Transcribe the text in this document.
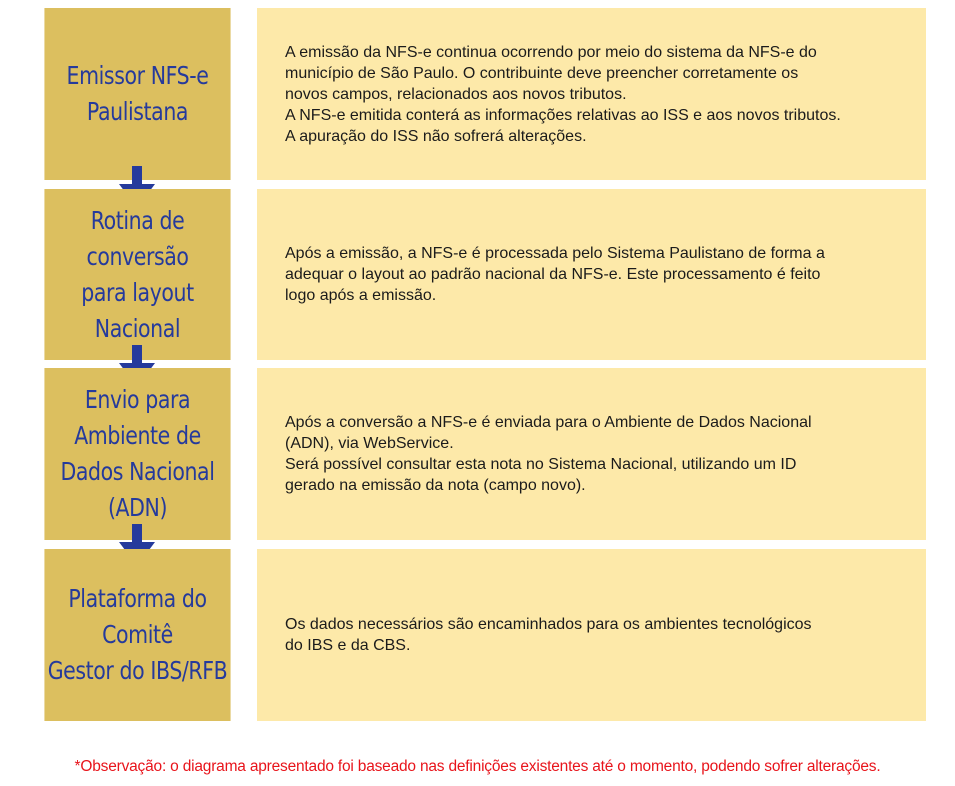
Emissor NFS-e
Paulistana
A emissão da NFS-e continua ocorrendo por meio do sistema da NFS-e do
município de São Paulo. O contribuinte deve preencher corretamente os
novos campos, relacionados aos novos tributos.
A NFS-e emitida conterá as informações relativas ao ISS e aos novos tributos.
A apuração do ISS não sofrerá alterações.
Rotina de conversão
para layout Nacional
Após a emissão, a NFS-e é processada pelo Sistema Paulistano de forma a
adequar o layout ao padrão nacional da NFS-e. Este processamento é feito
logo após a emissão.
Envio para Ambiente de
Dados Nacional (ADN)
Após a conversão a NFS-e é enviada para o Ambiente de Dados Nacional
(ADN), via WebService.
Será possível consultar esta nota no Sistema Nacional, utilizando um ID
gerado na emissão da nota (campo novo).
Plataforma do Comitê
Gestor do IBS/RFB
Os dados necessários são encaminhados para os ambientes tecnológicos
do IBS e da CBS.
*Observação: o diagrama apresentado foi baseado nas definições existentes até o momento, podendo sofrer alterações.
